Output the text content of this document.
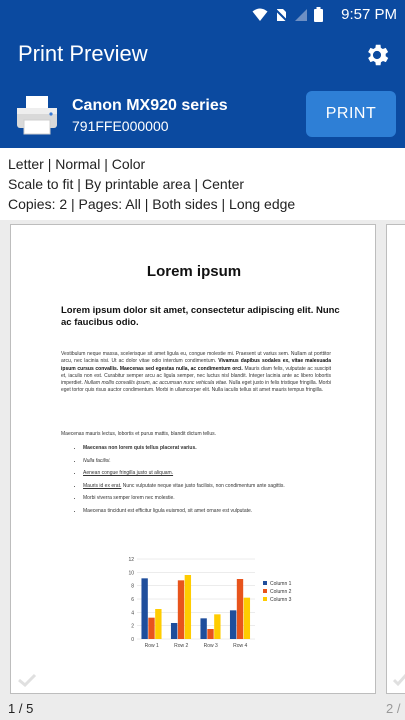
9:57 PM
Print Preview
Canon MX920 series
791FFE000000
PRINT
Letter | Normal | Color
Scale to fit | By printable area | Center
Copies: 2 | Pages: All | Both sides | Long edge
Lorem ipsum
Lorem ipsum dolor sit amet, consectetur adipiscing elit. Nunc ac faucibus odio.
Vestibulum neque massa, scelerisque sit amet ligula eu, congue molestie mi. Praesent ut varius sem. Nullam at porttitor arcu, nec lacinia nisi. Ut ac dolor vitae odio interdum condimentum. Vivamus dapibus sodales ex, vitae malesuada ipsum cursus convallis. Maecenas sed egestas nulla, ac condimentum orci. Mauris diam felis, vulputate ac suscipit et, iaculis non est. Curabitur semper arcu ac ligula semper, nec luctus nisl blandit. Integer lacinia ante ac libero lobortis imperdiet. Nullam mollis convallis ipsum, ac accumsan nunc vehicula vitae. Nulla eget justo in felis tristique fringilla. Morbi eget tortor quis risus auctor condimentum. Morbi in ullamcorper elit. Nulla iaculis tellus sit amet mauris tempus fringilla.
Maecenas mauris lectus, lobortis et purus mattis, blandit dictum tellus.
• Maecenas non lorem quis tellus placerat varius.
• Nulla facilisi.
• Aenean congue fringilla justo ut aliquam.
• Mauris id ex erat. Nunc vulputate neque vitae justo facilisis, non condimentum ante sagittis.
• Morbi viverra semper lorem nec molestie.
• Maecenas tincidunt est efficitur ligula euismod, sit amet ornare est vulputate.
0
2
4
6
8
10
12
Row 1	Row 2	Row 3	Row 4
Column 1
Column 2
Column 3
1 / 5	2 /
